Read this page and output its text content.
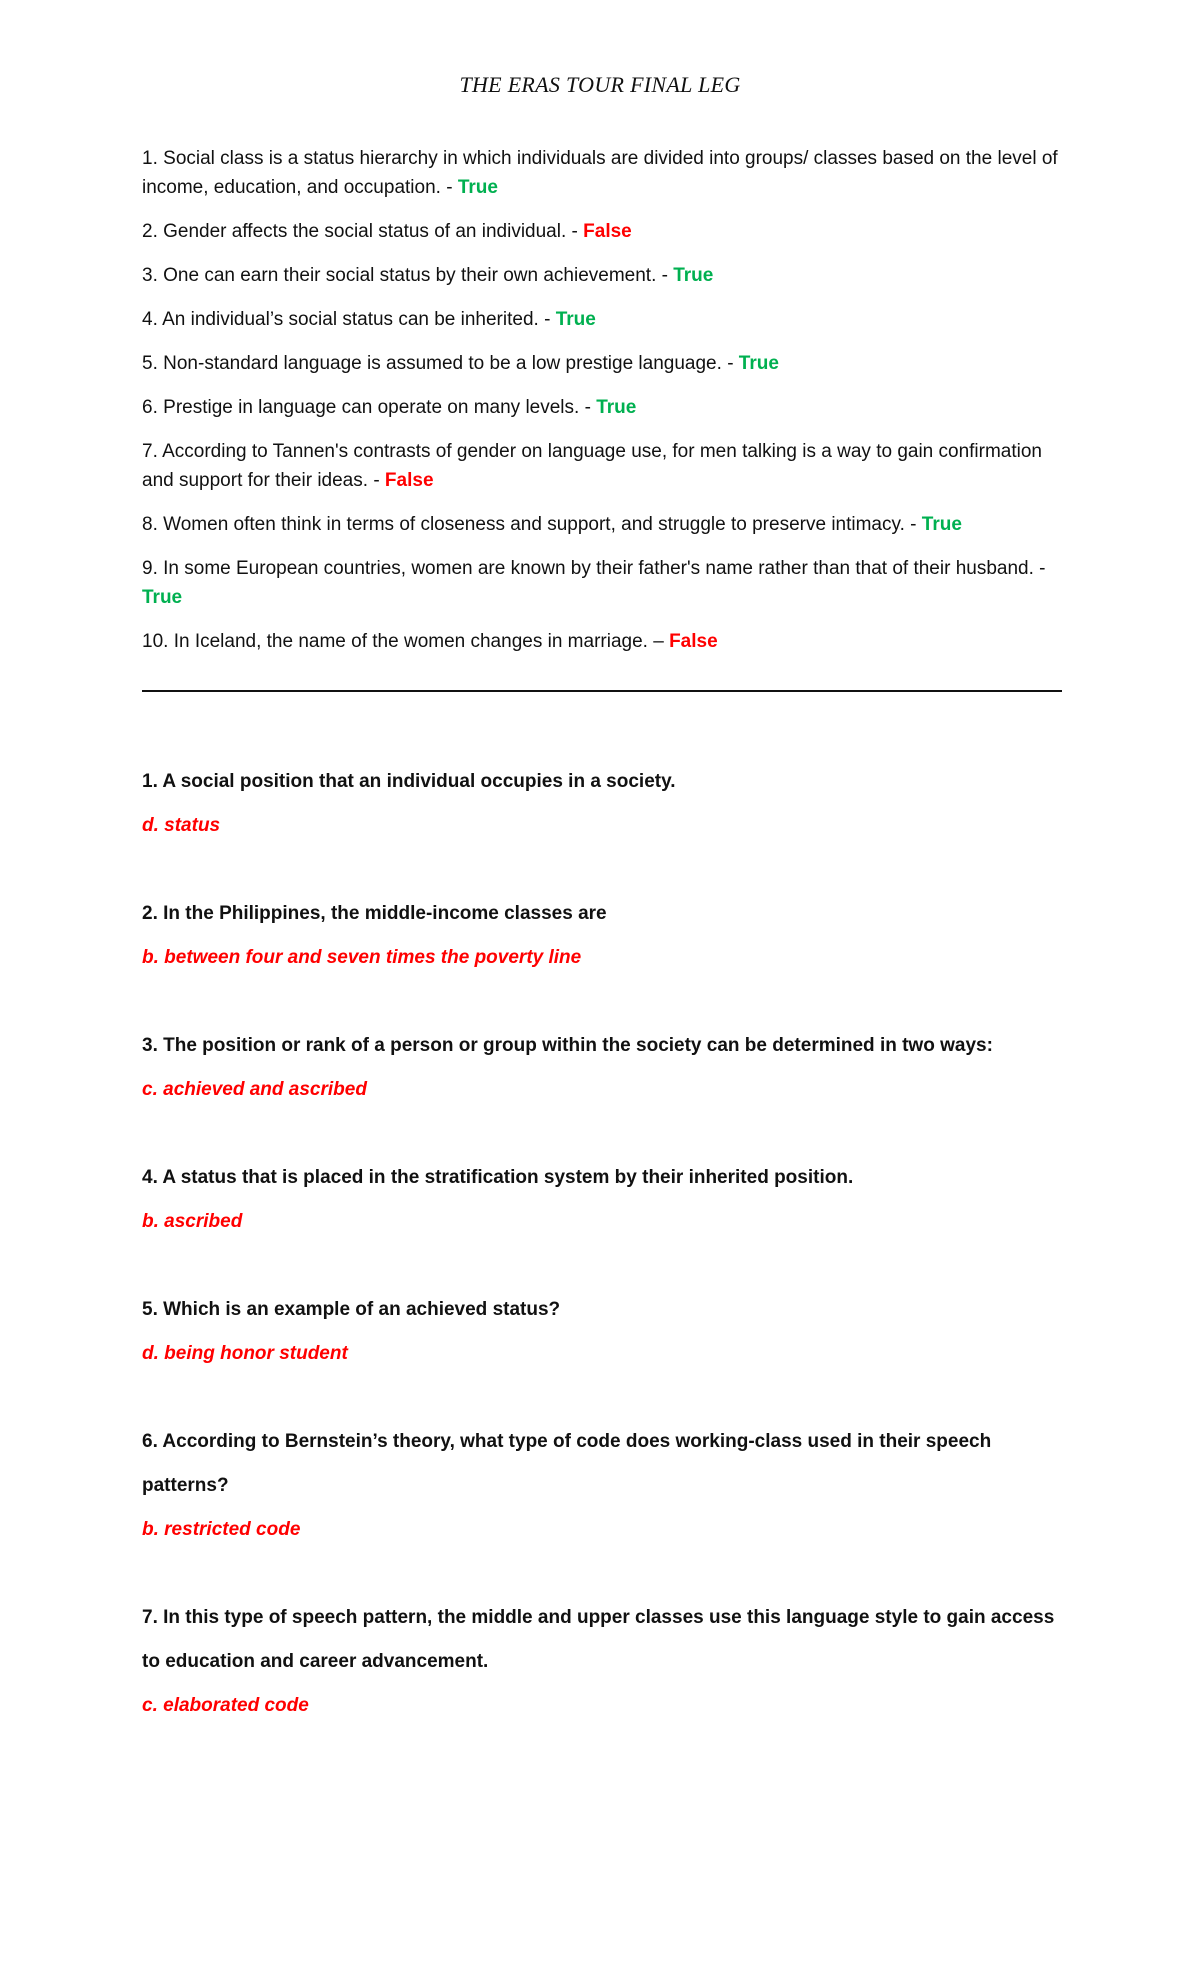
THE ERAS TOUR FINAL LEG
1. Social class is a status hierarchy in which individuals are divided into groups/ classes based on the level of income, education, and occupation. - True
2. Gender affects the social status of an individual. - False
3. One can earn their social status by their own achievement. - True
4. An individual’s social status can be inherited. - True
5. Non-standard language is assumed to be a low prestige language. - True
6. Prestige in language can operate on many levels. - True
7. According to Tannen's contrasts of gender on language use, for men talking is a way to gain confirmation and support for their ideas. - False
8. Women often think in terms of closeness and support, and struggle to preserve intimacy. - True
9. In some European countries, women are known by their father's name rather than that of their husband. - True
10. In Iceland, the name of the women changes in marriage. – False
1. A social position that an individual occupies in a society.
d. status
2. In the Philippines, the middle-income classes are
b. between four and seven times the poverty line
3. The position or rank of a person or group within the society can be determined in two ways:
c. achieved and ascribed
4. A status that is placed in the stratification system by their inherited position.
b. ascribed
5. Which is an example of an achieved status?
d. being honor student
6. According to Bernstein’s theory, what type of code does working-class used in their speech patterns?
b. restricted code
7. In this type of speech pattern, the middle and upper classes use this language style to gain access to education and career advancement.
c. elaborated code
